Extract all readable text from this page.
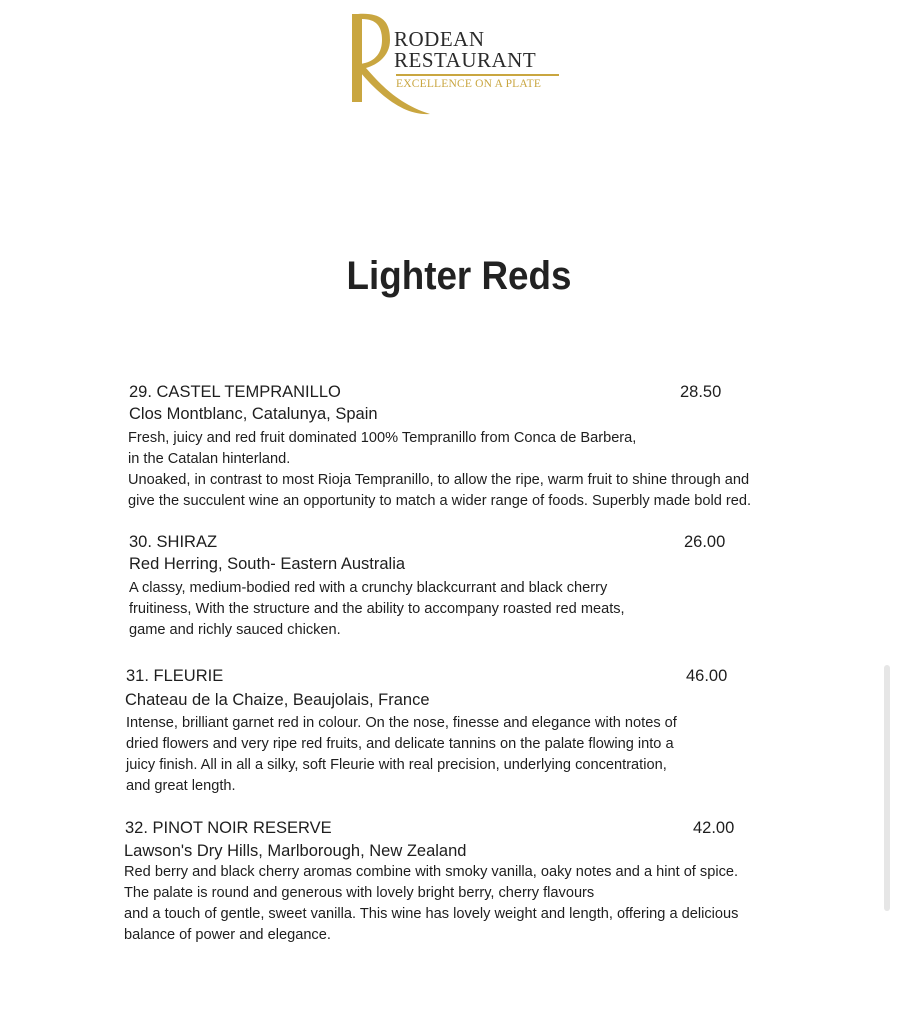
RODEAN
RESTAURANT
EXCELLENCE ON A PLATE
Lighter Reds
29. CASTEL TEMPRANILLO	28.50
Clos Montblanc, Catalunya, Spain
Fresh, juicy and red fruit dominated 100% Tempranillo from Conca de Barbera,
in the Catalan hinterland.
Unoaked, in contrast to most Rioja Tempranillo, to allow the ripe, warm fruit to shine through and
give the succulent wine an opportunity to match a wider range of foods. Superbly made bold red.
30. SHIRAZ	26.00
Red Herring, South- Eastern Australia
A classy, medium-bodied red with a crunchy blackcurrant and black cherry
fruitiness, With the structure and the ability to accompany roasted red meats,
game and richly sauced chicken.
31. FLEURIE	46.00
Chateau de la Chaize, Beaujolais, France
Intense, brilliant garnet red in colour. On the nose, finesse and elegance with notes of
dried flowers and very ripe red fruits, and delicate tannins on the palate flowing into a
juicy finish. All in all a silky, soft Fleurie with real precision, underlying concentration,
and great length.
32. PINOT NOIR RESERVE	42.00
Lawson's Dry Hills, Marlborough, New Zealand
Red berry and black cherry aromas combine with smoky vanilla, oaky notes and a hint of spice.
The palate is round and generous with lovely bright berry, cherry flavours
and a touch of gentle, sweet vanilla. This wine has lovely weight and length, offering a delicious
balance of power and elegance.
